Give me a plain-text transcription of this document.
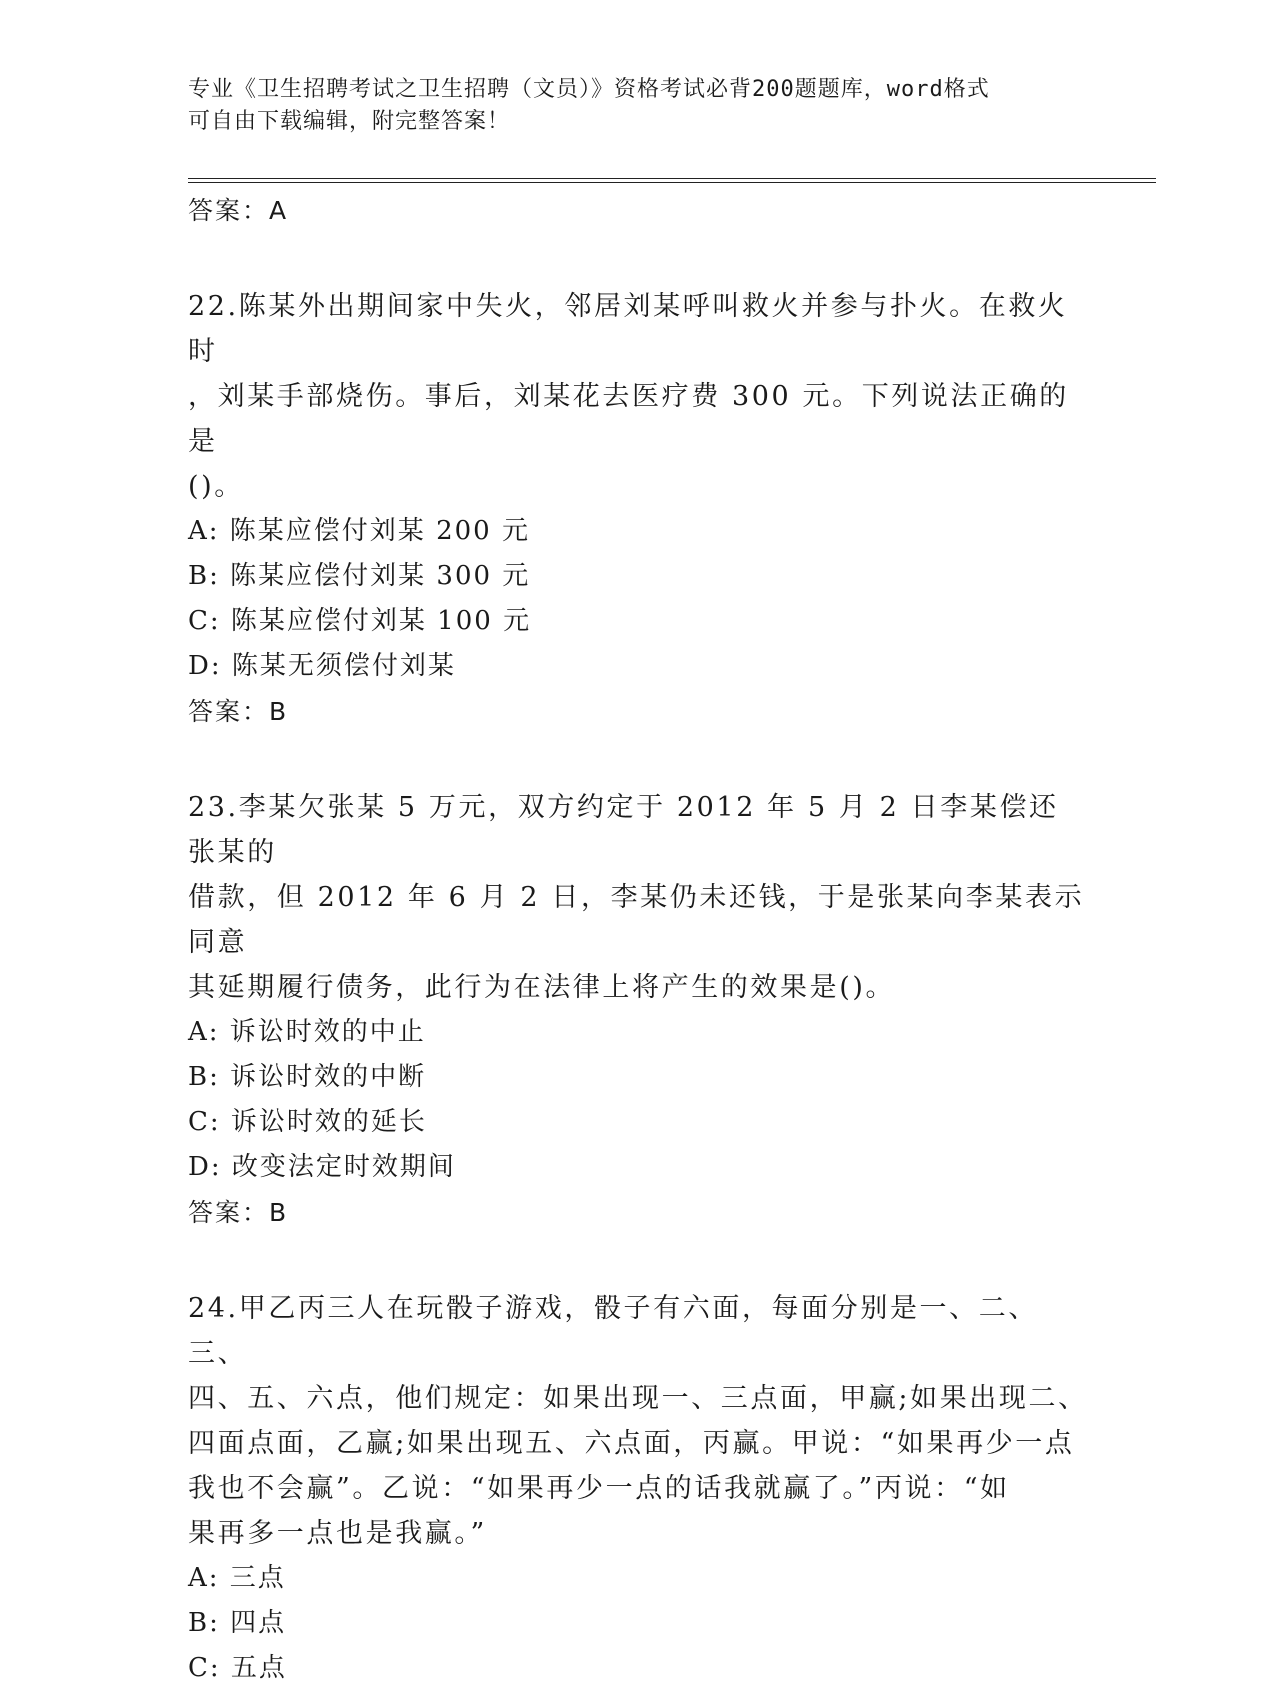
专业《卫生招聘考试之卫生招聘（文员）》资格考试必背200题题库，word格式
可自由下载编辑，附完整答案！
答案：A

22.陈某外出期间家中失火，邻居刘某呼叫救火并参与扑火。在救火时

，刘某手部烧伤。事后，刘某花去医疗费 300 元。下列说法正确的是

()。

A: 陈某应偿付刘某 200 元

B: 陈某应偿付刘某 300 元

C: 陈某应偿付刘某 100 元

D: 陈某无须偿付刘某

答案：B

23.李某欠张某 5 万元，双方约定于 2012 年 5 月 2 日李某偿还张某的

借款，但 2012 年 6 月 2 日，李某仍未还钱，于是张某向李某表示同意

其延期履行债务，此行为在法律上将产生的效果是()。

A: 诉讼时效的中止

B: 诉讼时效的中断

C: 诉讼时效的延长

D: 改变法定时效期间

答案：B

24.甲乙丙三人在玩骰子游戏，骰子有六面，每面分别是一、二、三、

四、五、六点，他们规定：如果出现一、三点面，甲赢;如果出现二、

四面点面，乙赢;如果出现五、六点面，丙赢。甲说：“如果再少一点

我也不会赢”。乙说：“如果再少一点的话我就赢了。”丙说：“如

果再多一点也是我赢。”

A: 三点

B: 四点

C: 五点
